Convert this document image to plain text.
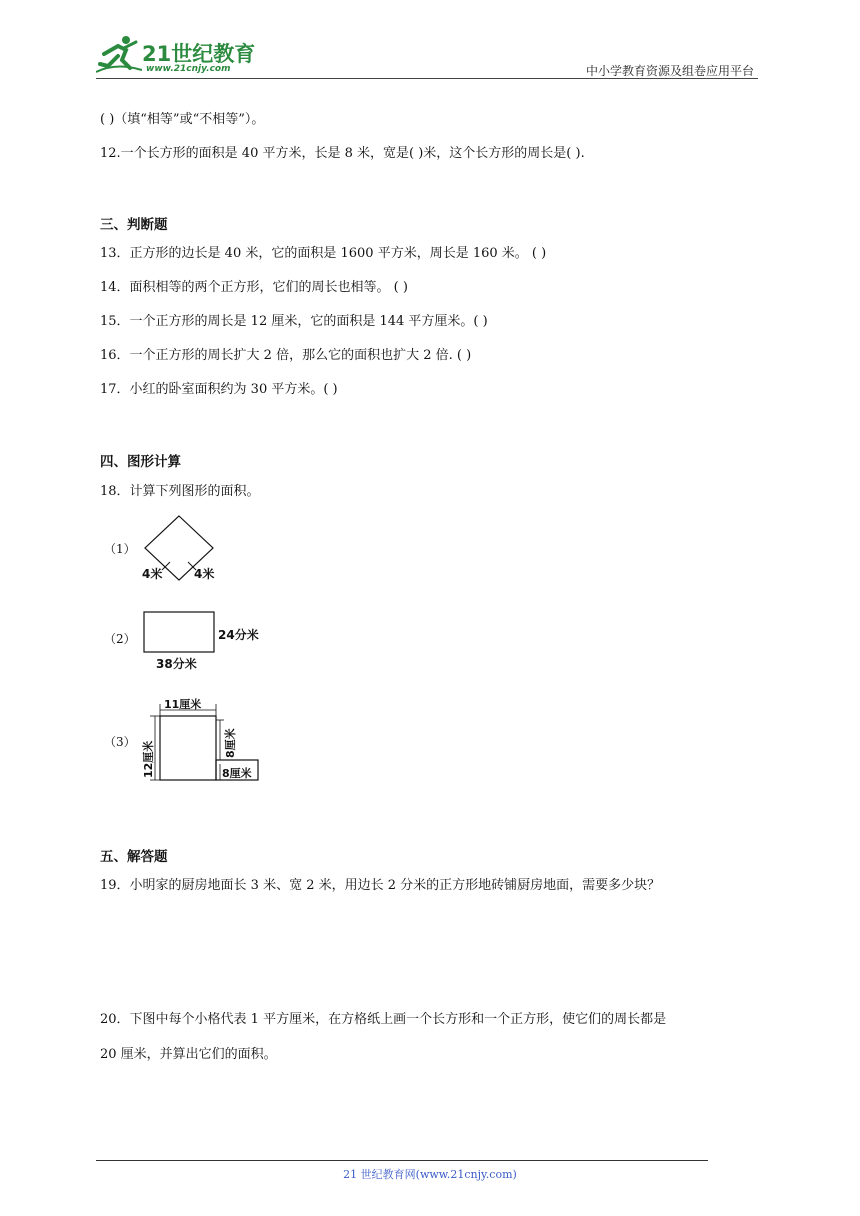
21世纪教育
www.21cnjy.com	中小学教育资源及组卷应用平台
( )（填“相等”或“不相等”）。
12.一个长方形的面积是 40 平方米，长是 8 米，宽是( )米，这个长方形的周长是( ).
三、判断题
13．正方形的边长是 40 米，它的面积是 1600 平方米，周长是 160 米。 ( )
14．面积相等的两个正方形，它们的周长也相等。 ( )
15．一个正方形的周长是 12 厘米，它的面积是 144 平方厘米。( )
16．一个正方形的周长扩大 2 倍，那么它的面积也扩大 2 倍. ( )
17．小红的卧室面积约为 30 平方米。( )
四、图形计算
18．计算下列图形的面积。
（1）
4米	4米
（2）	24分米
38分米
（3）
11厘米
12厘米	8厘米
8厘米
五、解答题
19．小明家的厨房地面长 3 米、宽 2 米，用边长 2 分米的正方形地砖铺厨房地面，需要多少块？
20．下图中每个小格代表 1 平方厘米，在方格纸上画一个长方形和一个正方形，使它们的周长都是
20 厘米，并算出它们的面积。
21 世纪教育网(www.21cnjy.com)
